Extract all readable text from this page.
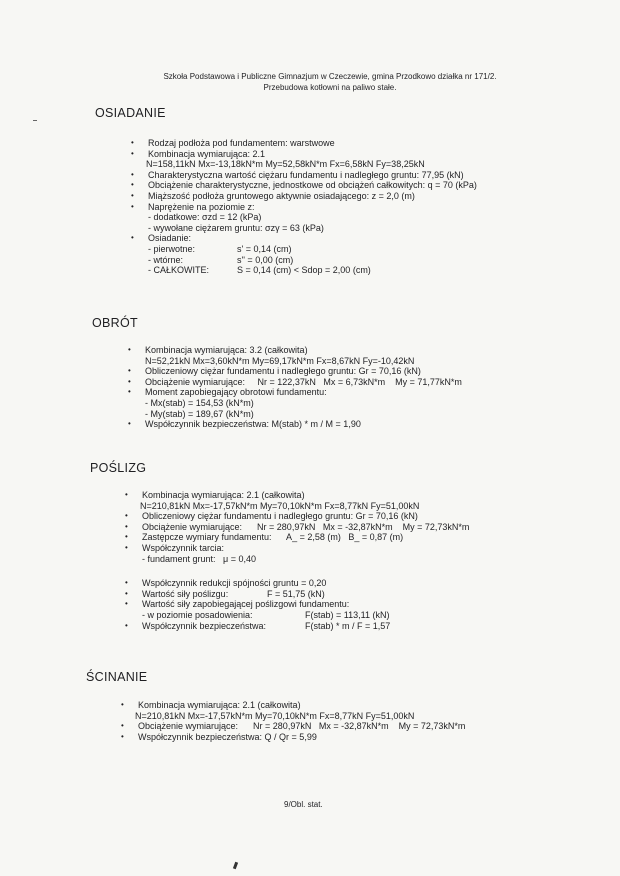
Szkoła Podstawowa i Publiczne Gimnazjum w Czeczewie, gmina Przodkowo działka nr 171/2.
Przebudowa kotłowni na paliwo stałe.
OSIADANIE
• Rodzaj podłoża pod fundamentem: warstwowe
• Kombinacja wymiarująca: 2.1
N=158,11kN Mx=-13,18kN*m My=52,58kN*m Fx=6,58kN Fy=38,25kN
• Charakterystyczna wartość ciężaru fundamentu i nadległego gruntu: 77,95 (kN)
• Obciążenie charakterystyczne, jednostkowe od obciążeń całkowitych: q = 70 (kPa)
• Miąższość podłoża gruntowego aktywnie osiadającego: z = 2,0 (m)
• Naprężenie na poziomie z:
- dodatkowe: σzd = 12 (kPa)
- wywołane ciężarem gruntu: σzγ = 63 (kPa)
• Osiadanie:
- pierwotne:	s' = 0,14 (cm)
- wtórne:	s'' = 0,00 (cm)
- CAŁKOWITE:	S = 0,14 (cm) < Sdop = 2,00 (cm)
OBRÓT
• Kombinacja wymiarująca: 3.2 (całkowita)
N=52,21kN Mx=3,60kN*m My=69,17kN*m Fx=8,67kN Fy=-10,42kN
• Obliczeniowy ciężar fundamentu i nadległego gruntu: Gr = 70,16 (kN)
• Obciążenie wymiarujące:     Nr = 122,37kN   Mx = 6,73kN*m    My = 71,77kN*m
• Moment zapobiegający obrotowi fundamentu:
- Mx(stab) = 154,53 (kN*m)
- My(stab) = 189,67 (kN*m)
• Współczynnik bezpieczeństwa: M(stab) * m / M = 1,90
POŚLIZG
• Kombinacja wymiarująca: 2.1 (całkowita)
N=210,81kN Mx=-17,57kN*m My=70,10kN*m Fx=8,77kN Fy=51,00kN
• Obliczeniowy ciężar fundamentu i nadległego gruntu: Gr = 70,16 (kN)
• Obciążenie wymiarujące:      Nr = 280,97kN   Mx = -32,87kN*m    My = 72,73kN*m
• Zastępcze wymiary fundamentu:      A_ = 2,58 (m)   B_ = 0,87 (m)
• Współczynnik tarcia:
- fundament grunt:   μ = 0,40
• Współczynnik redukcji spójności gruntu = 0,20
• Wartość siły poślizgu:	F = 51,75 (kN)
• Wartość siły zapobiegającej poślizgowi fundamentu:
- w poziomie posadowienia:	F(stab) = 113,11 (kN)
• Współczynnik bezpieczeństwa:	F(stab) * m / F = 1,57
ŚCINANIE
• Kombinacja wymiarująca: 2.1 (całkowita)
N=210,81kN Mx=-17,57kN*m My=70,10kN*m Fx=8,77kN Fy=51,00kN
• Obciążenie wymiarujące:      Nr = 280,97kN   Mx = -32,87kN*m    My = 72,73kN*m
• Współczynnik bezpieczeństwa: Q / Qr = 5,99
9/Obl. stat.
